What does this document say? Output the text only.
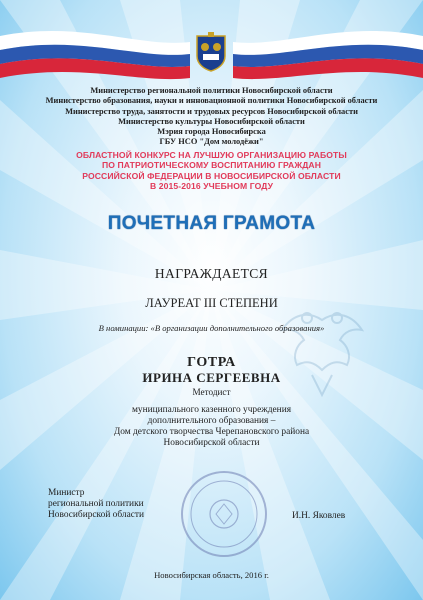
Министерство региональной политики Новосибирской области
Министерство образования, науки и инновационной политики Новосибирской области
Министерство труда, занятости и трудовых ресурсов Новосибирской области
Министерство культуры Новосибирской области
Мэрия города Новосибирска
ГБУ НСО "Дом молодёжи"
ОБЛАСТНОЙ КОНКУРС НА ЛУЧШУЮ ОРГАНИЗАЦИЮ РАБОТЫ
ПО ПАТРИОТИЧЕСКОМУ ВОСПИТАНИЮ ГРАЖДАН
РОССИЙСКОЙ ФЕДЕРАЦИИ В НОВОСИБИРСКОЙ ОБЛАСТИ
В 2015-2016 УЧЕБНОМ ГОДУ
ПОЧЕТНАЯ ГРАМОТА
НАГРАЖДАЕТСЯ
ЛАУРЕАТ III СТЕПЕНИ
В номинации: «В организации дополнительного образования»
ГОТРА
ИРИНА СЕРГЕЕВНА
Методист
муниципального казенного учреждения
дополнительного образования –
Дом детского творчества Черепановского района
Новосибирской области
Министр
региональной политики
Новосибирской области	И.Н. Яковлев
Новосибирская область, 2016 г.
